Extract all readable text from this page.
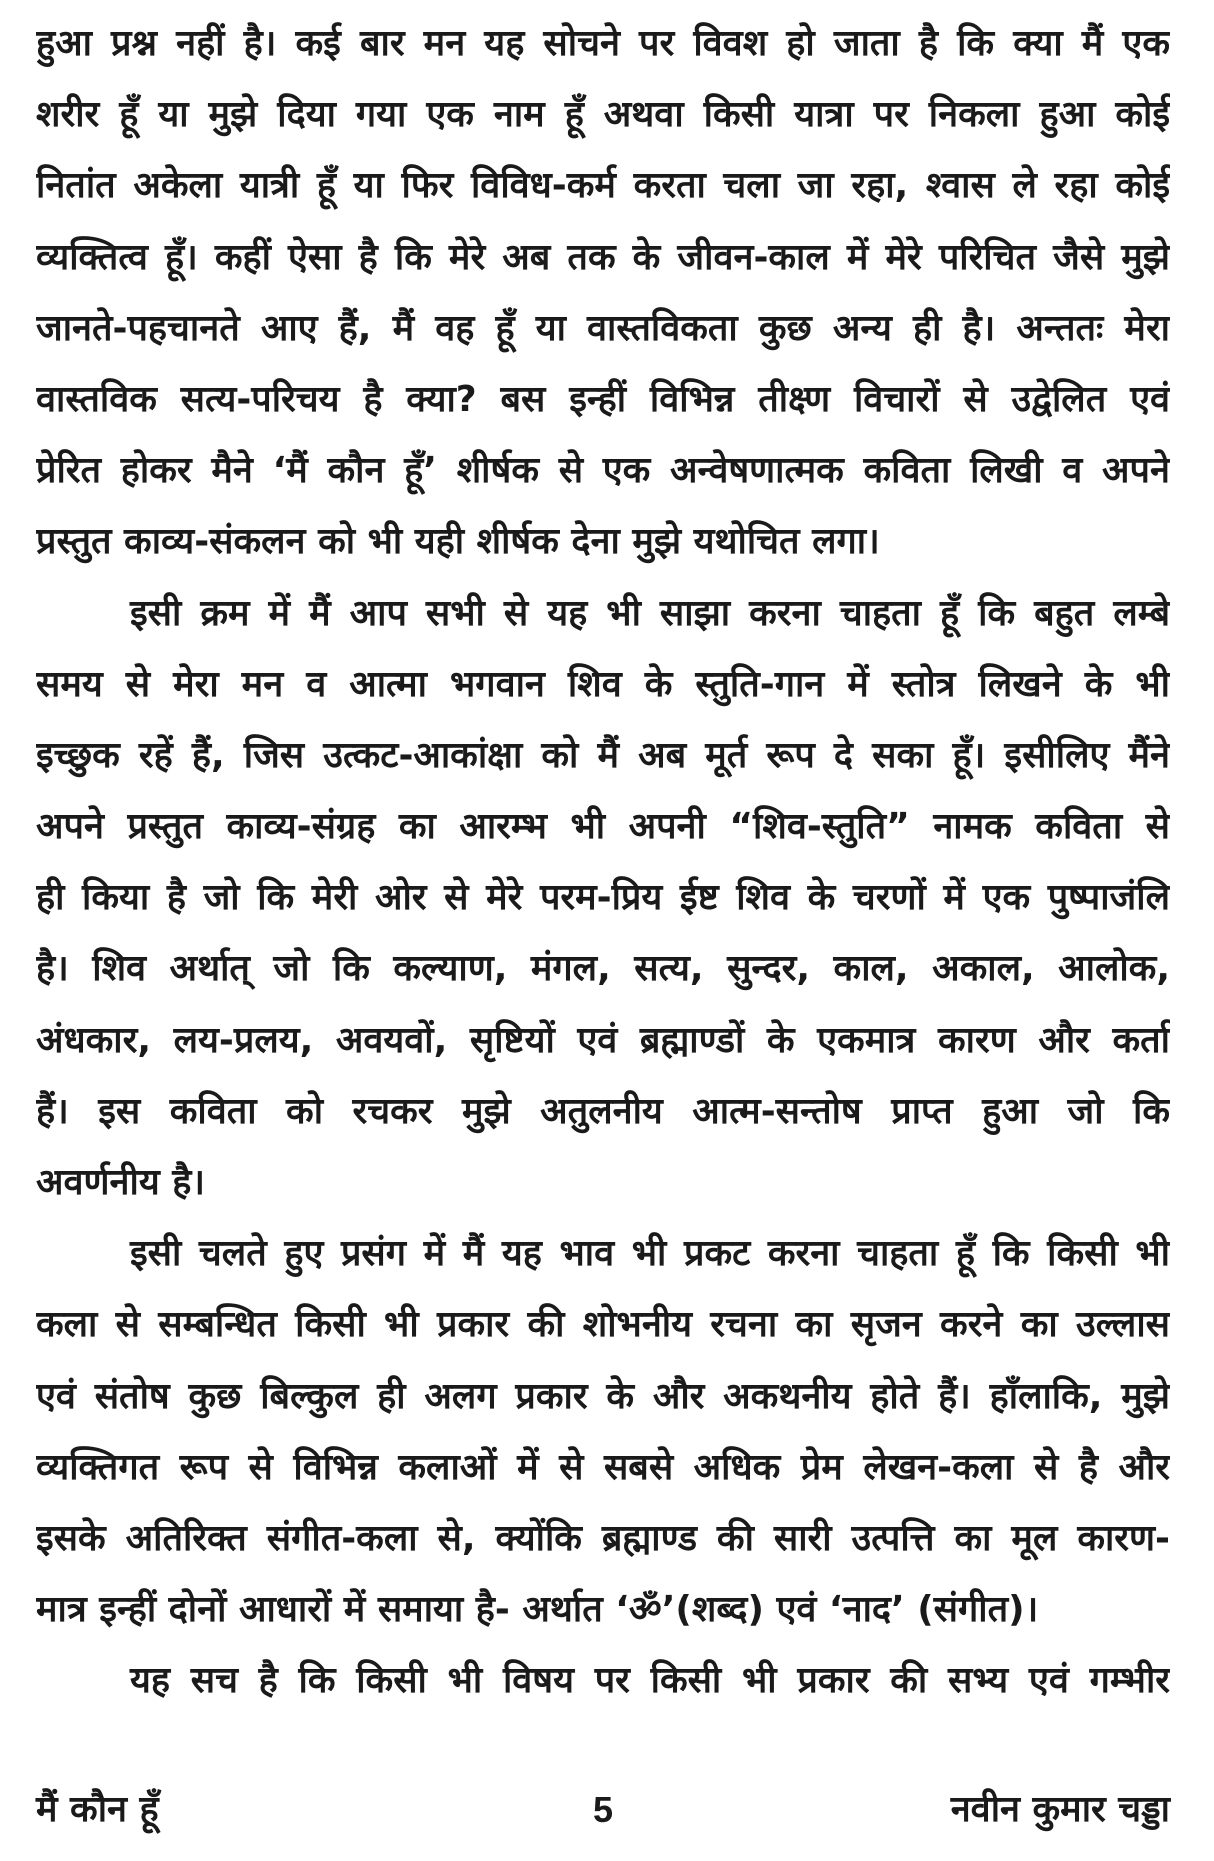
हुआ प्रश्न नहीं है। कई बार मन यह सोचने पर विवश हो जाता है कि क्या मैं एक
शरीर हूँ या मुझे दिया गया एक नाम हूँ अथवा किसी यात्रा पर निकला हुआ कोई
नितांत अकेला यात्री हूँ या फिर विविध-कर्म करता चला जा रहा, श्वास ले रहा कोई
व्यक्तित्व हूँ। कहीं ऐसा है कि मेरे अब तक के जीवन-काल में मेरे परिचित जैसे मुझे
जानते-पहचानते आए हैं, मैं वह हूँ या वास्तविकता कुछ अन्य ही है। अन्ततः मेरा
वास्तविक सत्य-परिचय है क्या? बस इन्हीं विभिन्न तीक्ष्ण विचारों से उद्वेलित एवं
प्रेरित होकर मैने ‘मैं कौन हूँ’ शीर्षक से एक अन्वेषणात्मक कविता लिखी व अपने
प्रस्तुत काव्य-संकलन को भी यही शीर्षक देना मुझे यथोचित लगा।
इसी क्रम में मैं आप सभी से यह भी साझा करना चाहता हूँ कि बहुत लम्बे
समय से मेरा मन व आत्मा भगवान शिव के स्तुति-गान में स्तोत्र लिखने के भी
इच्छुक रहें हैं, जिस उत्कट-आकांक्षा को मैं अब मूर्त रूप दे सका हूँ। इसीलिए मैंने
अपने प्रस्तुत काव्य-संग्रह का आरम्भ भी अपनी “शिव-स्तुति” नामक कविता से
ही किया है जो कि मेरी ओर से मेरे परम-प्रिय ईष्ट शिव के चरणों में एक पुष्पाजंलि
है। शिव अर्थात् जो कि कल्याण, मंगल, सत्य, सुन्दर, काल, अकाल, आलोक,
अंधकार, लय-प्रलय, अवयवों, सृष्टियों एवं ब्रह्माण्डों के एकमात्र कारण और कर्ता
हैं। इस कविता को रचकर मुझे अतुलनीय आत्म-सन्तोष प्राप्त हुआ जो कि
अवर्णनीय है।
इसी चलते हुए प्रसंग में मैं यह भाव भी प्रकट करना चाहता हूँ कि किसी भी
कला से सम्बन्धित किसी भी प्रकार की शोभनीय रचना का सृजन करने का उल्लास
एवं संतोष कुछ बिल्कुल ही अलग प्रकार के और अकथनीय होते हैं। हाँलाकि, मुझे
व्यक्तिगत रूप से विभिन्न कलाओं में से सबसे अधिक प्रेम लेखन-कला से है और
इसके अतिरिक्त संगीत-कला से, क्योंकि ब्रह्माण्ड की सारी उत्पत्ति का मूल कारण-
मात्र इन्हीं दोनों आधारों में समाया है- अर्थात ‘ॐ’(शब्द) एवं ‘नाद’ (संगीत)।
यह सच है कि किसी भी विषय पर किसी भी प्रकार की सभ्य एवं गम्भीर
मैं कौन हूँ	5	नवीन कुमार चड्डा
